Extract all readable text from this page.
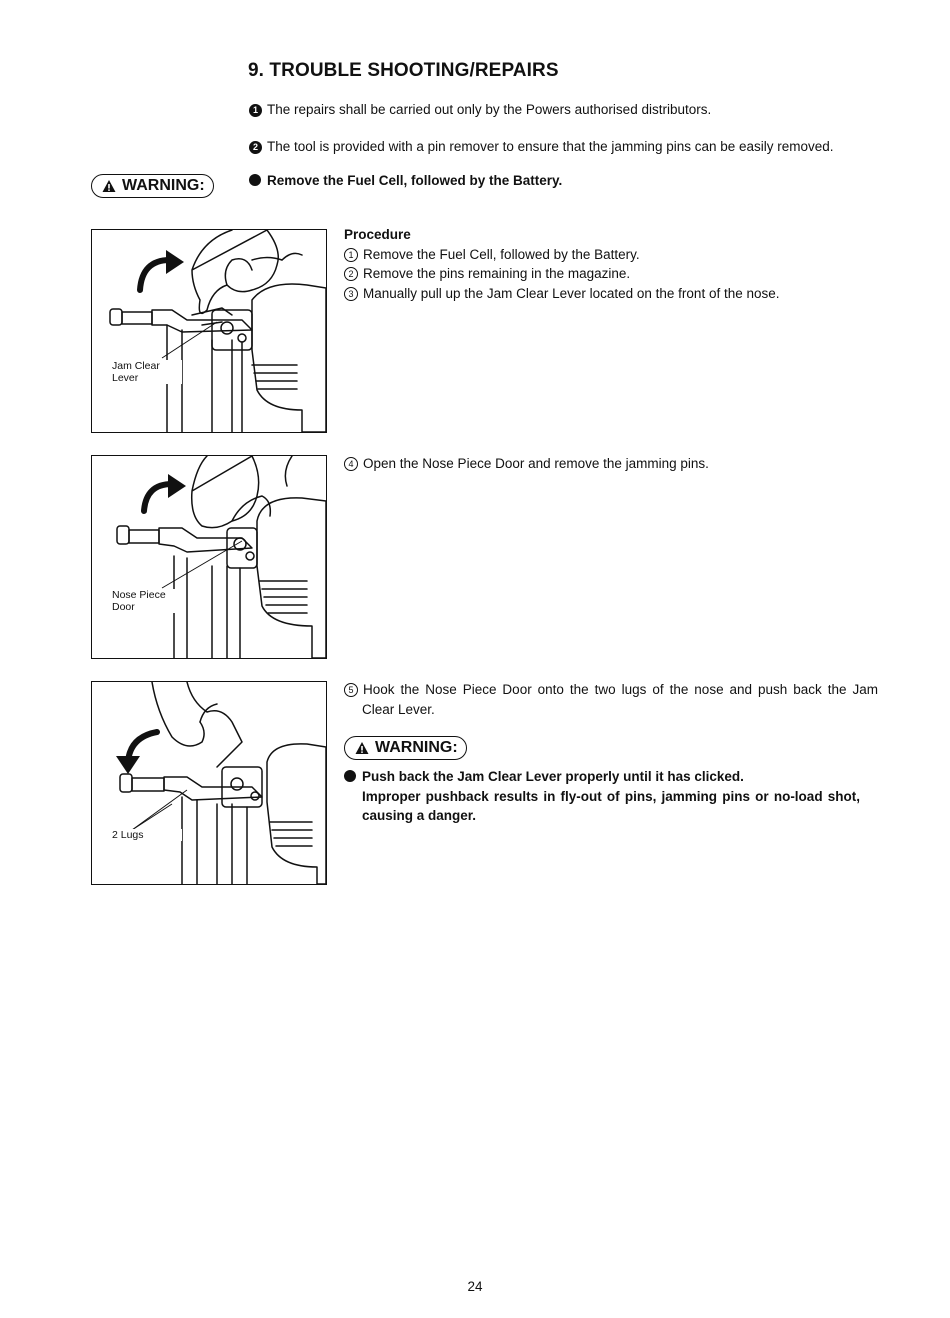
9. TROUBLE SHOOTING/REPAIRS
1 The repairs shall be carried out only by the Powers authorised distributors.
2 The tool is provided with a pin remover to ensure that the jamming pins can be easily removed.
WARNING:	Remove the Fuel Cell, followed by the Battery.
Jam Clear Lever
Procedure
1 Remove the Fuel Cell, followed by the Battery.
2 Remove the pins remaining in the magazine.
3 Manually pull up the Jam Clear Lever located on the front of the nose.
Nose Piece Door
4 Open the Nose Piece Door and remove the jamming pins.
2 Lugs
5 Hook the Nose Piece Door onto the two lugs of the nose and push back the Jam Clear Lever.
WARNING:
Push back the Jam Clear Lever properly until it has clicked.
Improper pushback results in fly-out of pins, jamming pins or no-load shot, causing a danger.
24
